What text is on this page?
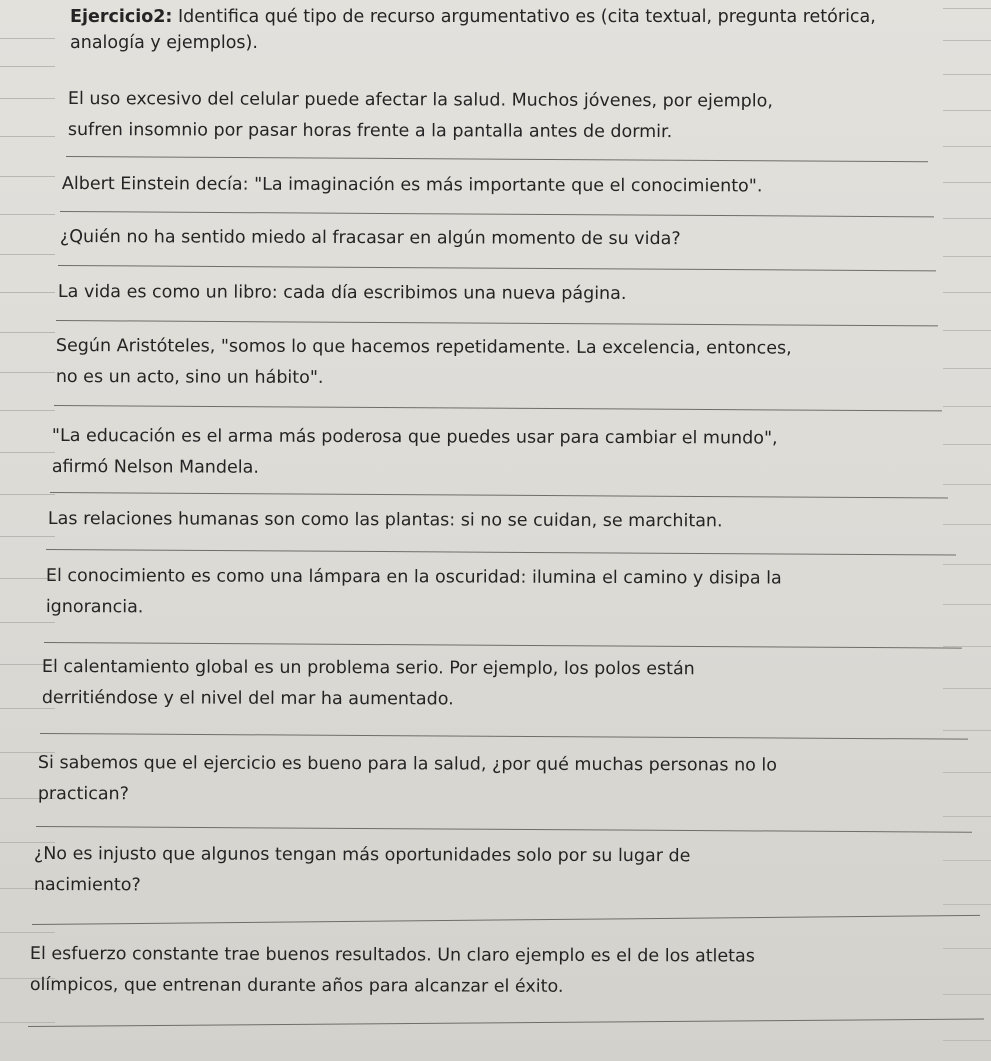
Ejercicio2: Identifica qué tipo de recurso argumentativo es (cita textual, pregunta retórica, analogía y ejemplos).
El uso excesivo del celular puede afectar la salud. Muchos jóvenes, por ejemplo,
sufren insomnio por pasar horas frente a la pantalla antes de dormir.
Albert Einstein decía: "La imaginación es más importante que el conocimiento".
¿Quién no ha sentido miedo al fracasar en algún momento de su vida?
La vida es como un libro: cada día escribimos una nueva página.
Según Aristóteles, "somos lo que hacemos repetidamente. La excelencia, entonces,
no es un acto, sino un hábito".
"La educación es el arma más poderosa que puedes usar para cambiar el mundo",
afirmó Nelson Mandela.
Las relaciones humanas son como las plantas: si no se cuidan, se marchitan.
El conocimiento es como una lámpara en la oscuridad: ilumina el camino y disipa la
ignorancia.
El calentamiento global es un problema serio. Por ejemplo, los polos están
derritiéndose y el nivel del mar ha aumentado.
Si sabemos que el ejercicio es bueno para la salud, ¿por qué muchas personas no lo
practican?
¿No es injusto que algunos tengan más oportunidades solo por su lugar de
nacimiento?
El esfuerzo constante trae buenos resultados. Un claro ejemplo es el de los atletas
olímpicos, que entrenan durante años para alcanzar el éxito.
